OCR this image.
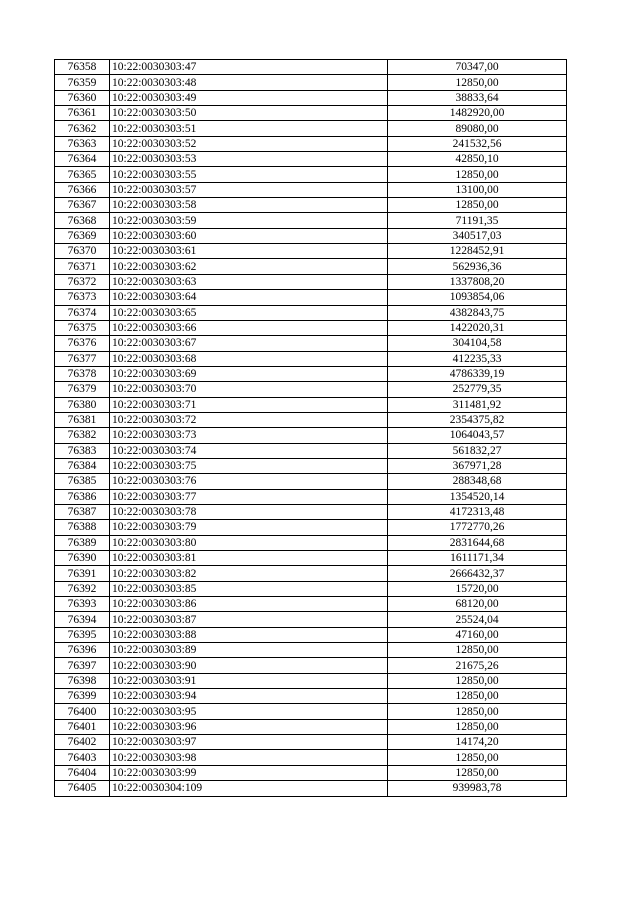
76358	10:22:0030303:47	70347,00
76359	10:22:0030303:48	12850,00
76360	10:22:0030303:49	38833,64
76361	10:22:0030303:50	1482920,00
76362	10:22:0030303:51	89080,00
76363	10:22:0030303:52	241532,56
76364	10:22:0030303:53	42850,10
76365	10:22:0030303:55	12850,00
76366	10:22:0030303:57	13100,00
76367	10:22:0030303:58	12850,00
76368	10:22:0030303:59	71191,35
76369	10:22:0030303:60	340517,03
76370	10:22:0030303:61	1228452,91
76371	10:22:0030303:62	562936,36
76372	10:22:0030303:63	1337808,20
76373	10:22:0030303:64	1093854,06
76374	10:22:0030303:65	4382843,75
76375	10:22:0030303:66	1422020,31
76376	10:22:0030303:67	304104,58
76377	10:22:0030303:68	412235,33
76378	10:22:0030303:69	4786339,19
76379	10:22:0030303:70	252779,35
76380	10:22:0030303:71	311481,92
76381	10:22:0030303:72	2354375,82
76382	10:22:0030303:73	1064043,57
76383	10:22:0030303:74	561832,27
76384	10:22:0030303:75	367971,28
76385	10:22:0030303:76	288348,68
76386	10:22:0030303:77	1354520,14
76387	10:22:0030303:78	4172313,48
76388	10:22:0030303:79	1772770,26
76389	10:22:0030303:80	2831644,68
76390	10:22:0030303:81	1611171,34
76391	10:22:0030303:82	2666432,37
76392	10:22:0030303:85	15720,00
76393	10:22:0030303:86	68120,00
76394	10:22:0030303:87	25524,04
76395	10:22:0030303:88	47160,00
76396	10:22:0030303:89	12850,00
76397	10:22:0030303:90	21675,26
76398	10:22:0030303:91	12850,00
76399	10:22:0030303:94	12850,00
76400	10:22:0030303:95	12850,00
76401	10:22:0030303:96	12850,00
76402	10:22:0030303:97	14174,20
76403	10:22:0030303:98	12850,00
76404	10:22:0030303:99	12850,00
76405	10:22:0030304:109	939983,78
